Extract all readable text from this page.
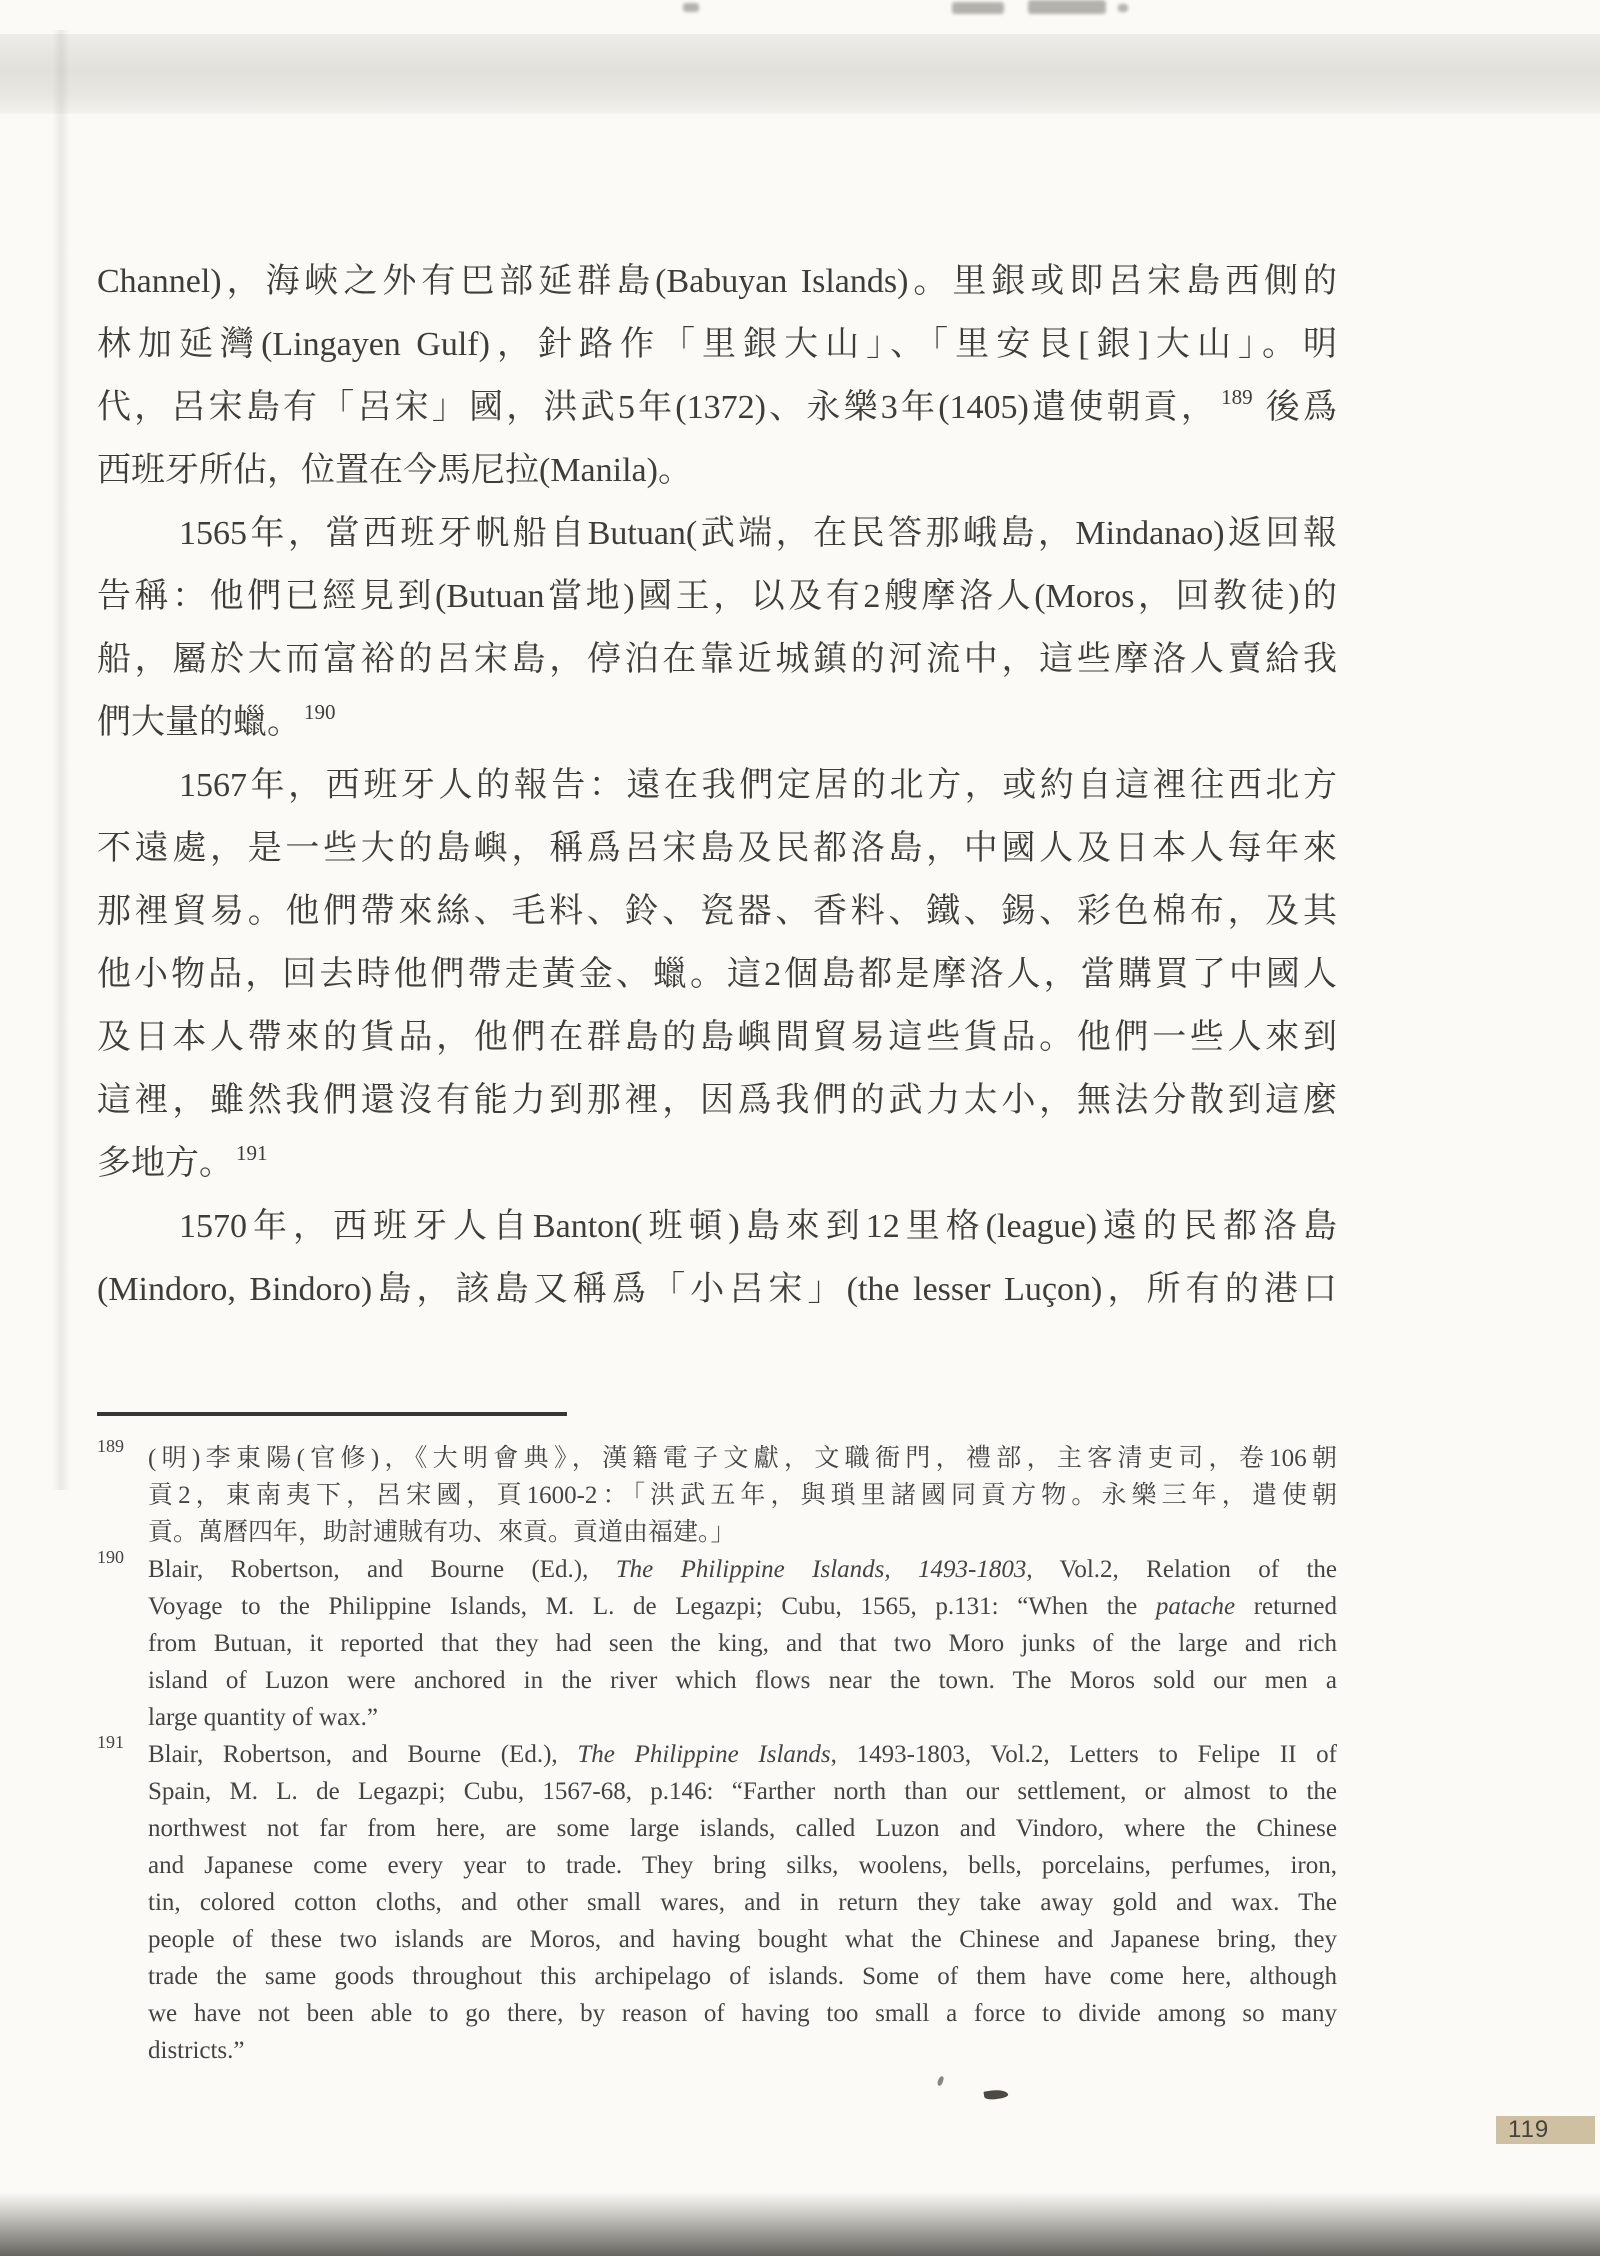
Channel)，海峽之外有巴部延群島(Babuyan Islands)。里銀或即呂宋島西側的
林加延灣(Lingayen Gulf)，針路作「里銀大山」、「里安艮[銀]大山」。明
代，呂宋島有「呂宋」國，洪武5年(1372)、永樂3年(1405)遣使朝貢， $^{189}$ 後爲
西班牙所佔，位置在今馬尼拉(Manila)。
1565年，當西班牙帆船自Butuan(武端，在民答那峨島，Mindanao)返回報
告稱：他們已經見到(Butuan當地)國王，以及有2艘摩洛人(Moros，回教徒)的
船，屬於大而富裕的呂宋島，停泊在靠近城鎮的河流中，這些摩洛人賣給我
們大量的蠟。 $^{190}$
1567年，西班牙人的報告：遠在我們定居的北方，或約自這裡往西北方
不遠處，是一些大的島嶼，稱爲呂宋島及民都洛島，中國人及日本人每年來
那裡貿易。他們帶來絲、毛料、鈴、瓷器、香料、鐵、錫、彩色棉布，及其
他小物品，回去時他們帶走黃金、蠟。這2個島都是摩洛人，當購買了中國人
及日本人帶來的貨品，他們在群島的島嶼間貿易這些貨品。他們一些人來到
這裡，雖然我們還沒有能力到那裡，因爲我們的武力太小，無法分散到這麼
多地方。 $^{191}$
1570年，西班牙人自Banton(班頓)島來到12里格(league)遠的民都洛島
(Mindoro, Bindoro)島，該島又稱爲「小呂宋」(the lesser Luçon)，所有的港口
189 (明)李東陽(官修)，《大明會典》，漢籍電子文獻，文職衙門，禮部，主客清吏司，卷106朝
貢2，東南夷下，呂宋國，頁1600-2：「洪武五年，與瑣里諸國同貢方物。永樂三年，遣使朝
貢。萬曆四年，助討逋賊有功、來貢。貢道由福建。」
190 Blair, Robertson, and Bourne (Ed.), The Philippine Islands, 1493-1803, Vol.2, Relation of the
Voyage to the Philippine Islands, M. L. de Legazpi; Cubu, 1565, p.131: “When the patache returned
from Butuan, it reported that they had seen the king, and that two Moro junks of the large and rich
island of Luzon were anchored in the river which flows near the town. The Moros sold our men a
large quantity of wax.”
191 Blair, Robertson, and Bourne (Ed.), The Philippine Islands, 1493-1803, Vol.2, Letters to Felipe II of
Spain, M. L. de Legazpi; Cubu, 1567-68, p.146: “Farther north than our settlement, or almost to the
northwest not far from here, are some large islands, called Luzon and Vindoro, where the Chinese
and Japanese come every year to trade. They bring silks, woolens, bells, porcelains, perfumes, iron,
tin, colored cotton cloths, and other small wares, and in return they take away gold and wax. The
people of these two islands are Moros, and having bought what the Chinese and Japanese bring, they
trade the same goods throughout this archipelago of islands. Some of them have come here, although
we have not been able to go there, by reason of having too small a force to divide among so many
districts.”
119
